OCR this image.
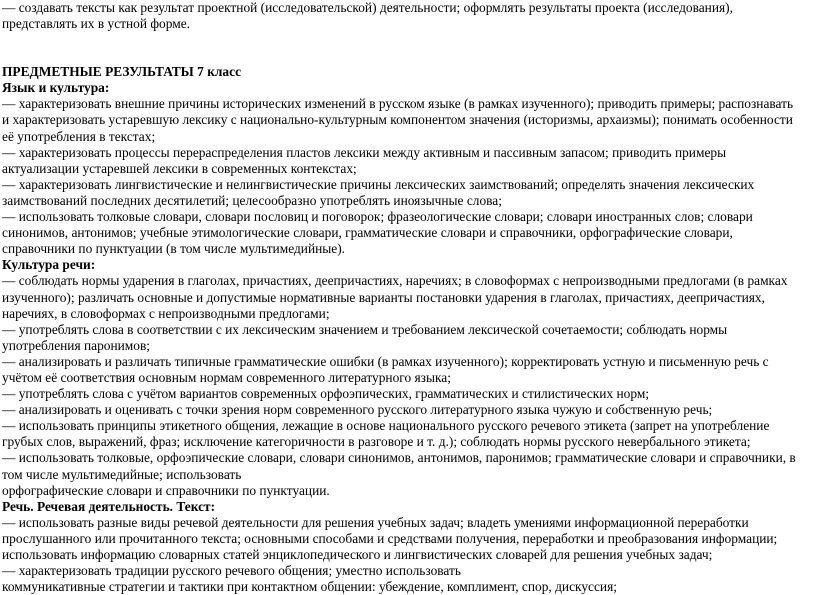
— создавать тексты как результат проектной (исследовательской) деятельности; оформлять результаты проекта (исследования), представлять их в устной форме.

ПРЕДМЕТНЫЕ РЕЗУЛЬТАТЫ 7 класс

Язык и культура:

— характеризовать внешние причины исторических изменений в русском языке (в рамках изученного); приводить примеры; распознавать и характеризовать устаревшую лексику с национально-культурным компонентом значения (историзмы, архаизмы); понимать особенности её употребления в текстах;

— характеризовать процессы перераспределения пластов лексики между активным и пассивным запасом; приводить примеры актуализации устаревшей лексики в современных контекстах;

— характеризовать лингвистические и нелингвистические причины лексических заимствований; определять значения лексических заимствований последних десятилетий; целесообразно употреблять иноязычные слова;

— использовать толковые словари, словари пословиц и поговорок; фразеологические словари; словари иностранных слов; словари синонимов, антонимов; учебные этимологические словари, грамматические словари и справочники, орфографические словари, справочники по пунктуации (в том числе мультимедийные).

Культура речи:

— соблюдать нормы ударения в глаголах, причастиях, деепричастиях, наречиях; в словоформах с непроизводными предлогами (в рамках изученного); различать основные и допустимые нормативные варианты постановки ударения в глаголах, причастиях, деепричастиях, наречиях, в словоформах с непроизводными предлогами;

— употреблять слова в соответствии с их лексическим значением и требованием лексической сочетаемости; соблюдать нормы употребления паронимов;

— анализировать и различать типичные грамматические ошибки (в рамках изученного); корректировать устную и письменную речь с учётом её соответствия основным нормам современного литературного языка;

— употреблять слова с учётом вариантов современных орфоэпических, грамматических и стилистических норм;

— анализировать и оценивать с точки зрения норм современного русского литературного языка чужую и собственную речь;

— использовать принципы этикетного общения, лежащие в основе национального русского речевого этикета (запрет на употребление грубых слов, выражений, фраз; исключение категоричности в разговоре и т. д.); соблюдать нормы русского невербального этикета;

— использовать толковые, орфоэпические словари, словари синонимов, антонимов, паронимов; грамматические словари и справочники, в том числе мультимедийные; использовать

орфографические словари и справочники по пунктуации.

Речь. Речевая деятельность. Текст:

— использовать разные виды речевой деятельности для решения учебных задач; владеть умениями информационной переработки прослушанного или прочитанного текста; основными способами и средствами получения, переработки и преобразования информации; использовать информацию словарных статей энциклопедического и лингвистических словарей для решения учебных задач;

— характеризовать традиции русского речевого общения; уместно использовать

коммуникативные стратегии и тактики при контактном общении: убеждение, комплимент, спор, дискуссия;
